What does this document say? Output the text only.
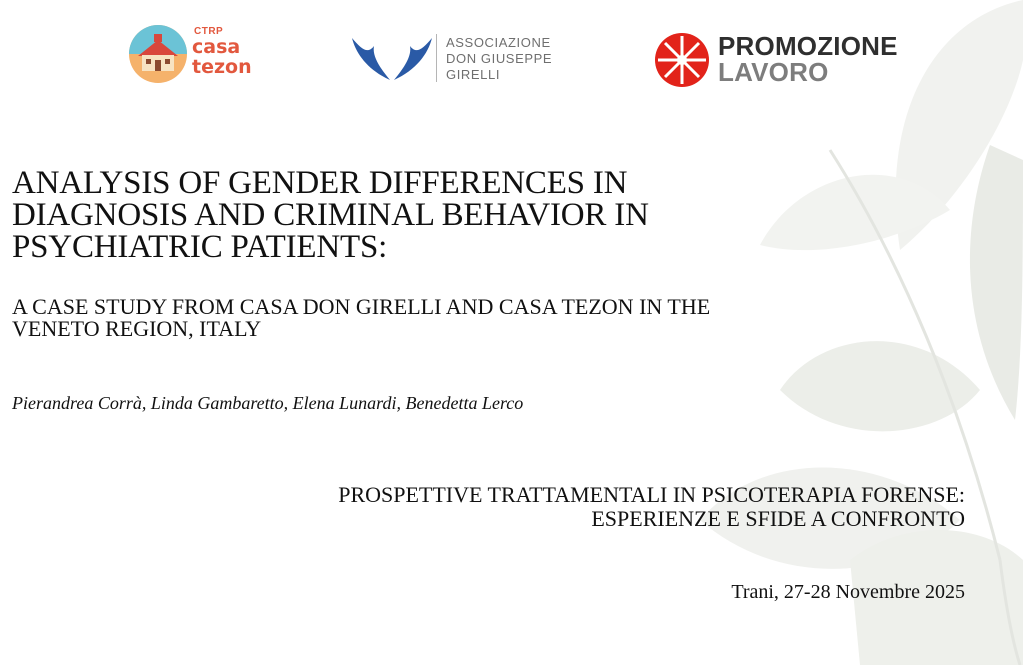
CTRP
casa
tezon
ASSOCIAZIONE
DON GIUSEPPE
GIRELLI
PROMOZIONE
LAVORO
ANALYSIS OF GENDER DIFFERENCES IN DIAGNOSIS AND CRIMINAL BEHAVIOR IN PSYCHIATRIC PATIENTS:
A CASE STUDY FROM CASA DON GIRELLI AND CASA TEZON IN THE VENETO REGION, ITALY

Pierandrea Corrà, Linda Gambaretto, Elena Lunardi, Benedetta Lerco

PROSPETTIVE TRATTAMENTALI IN PSICOTERAPIA FORENSE:
ESPERIENZE E SFIDE A CONFRONTO

Trani, 27-28 Novembre 2025
